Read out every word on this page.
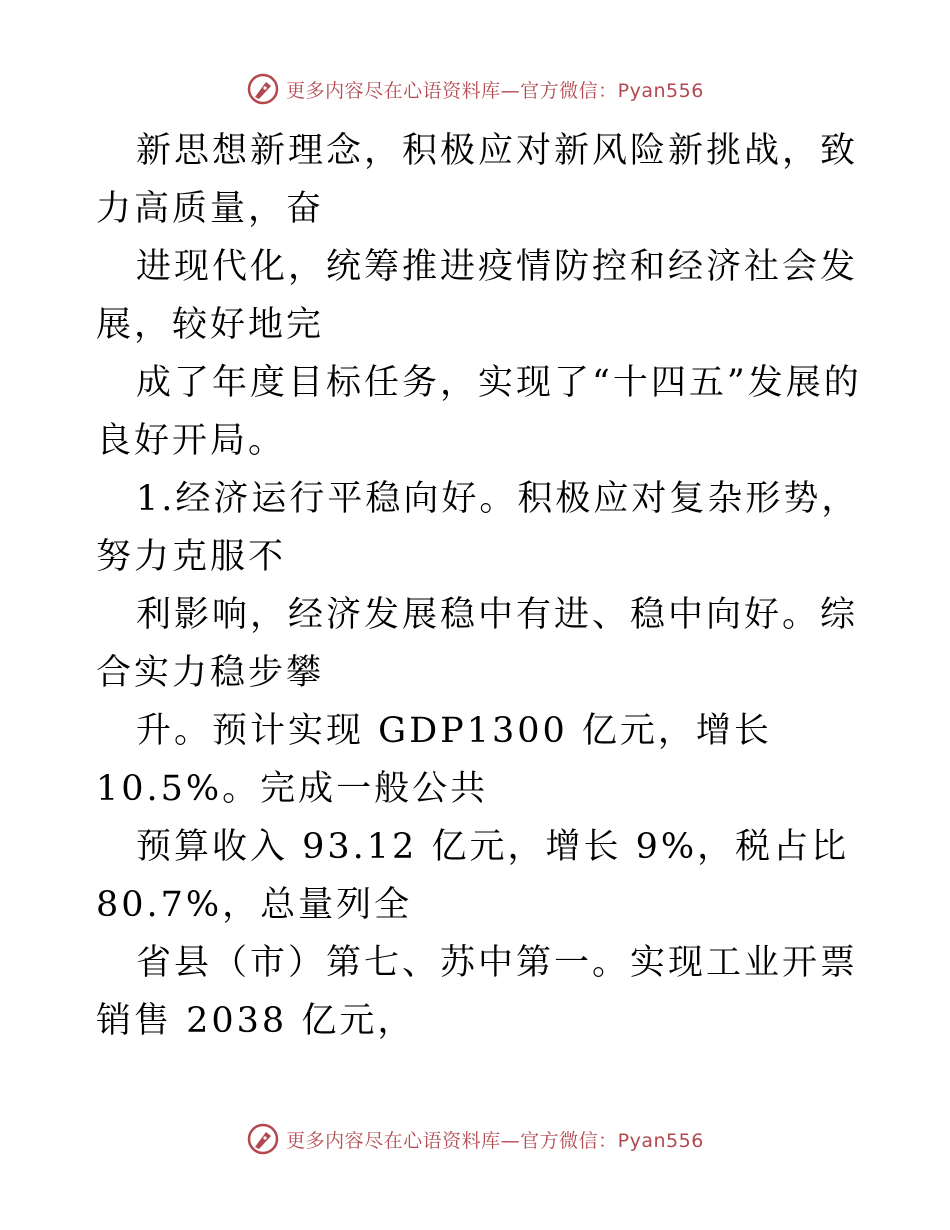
更多内容尽在心语资料库—官方微信：Pyan556

新思想新理念，积极应对新风险新挑战，致力高质量，奋

进现代化，统筹推进疫情防控和经济社会发展，较好地完

成了年度目标任务，实现了“十四五”发展的良好开局。

1.经济运行平稳向好。积极应对复杂形势，努力克服不

利影响，经济发展稳中有进、稳中向好。综合实力稳步攀

升。预计实现 GDP1300 亿元，增长 10.5%。完成一般公共

预算收入 93.12 亿元，增长 9%，税占比 80.7%，总量列全

省县（市）第七、苏中第一。实现工业开票销售 2038 亿元，

更多内容尽在心语资料库—官方微信：Pyan556
